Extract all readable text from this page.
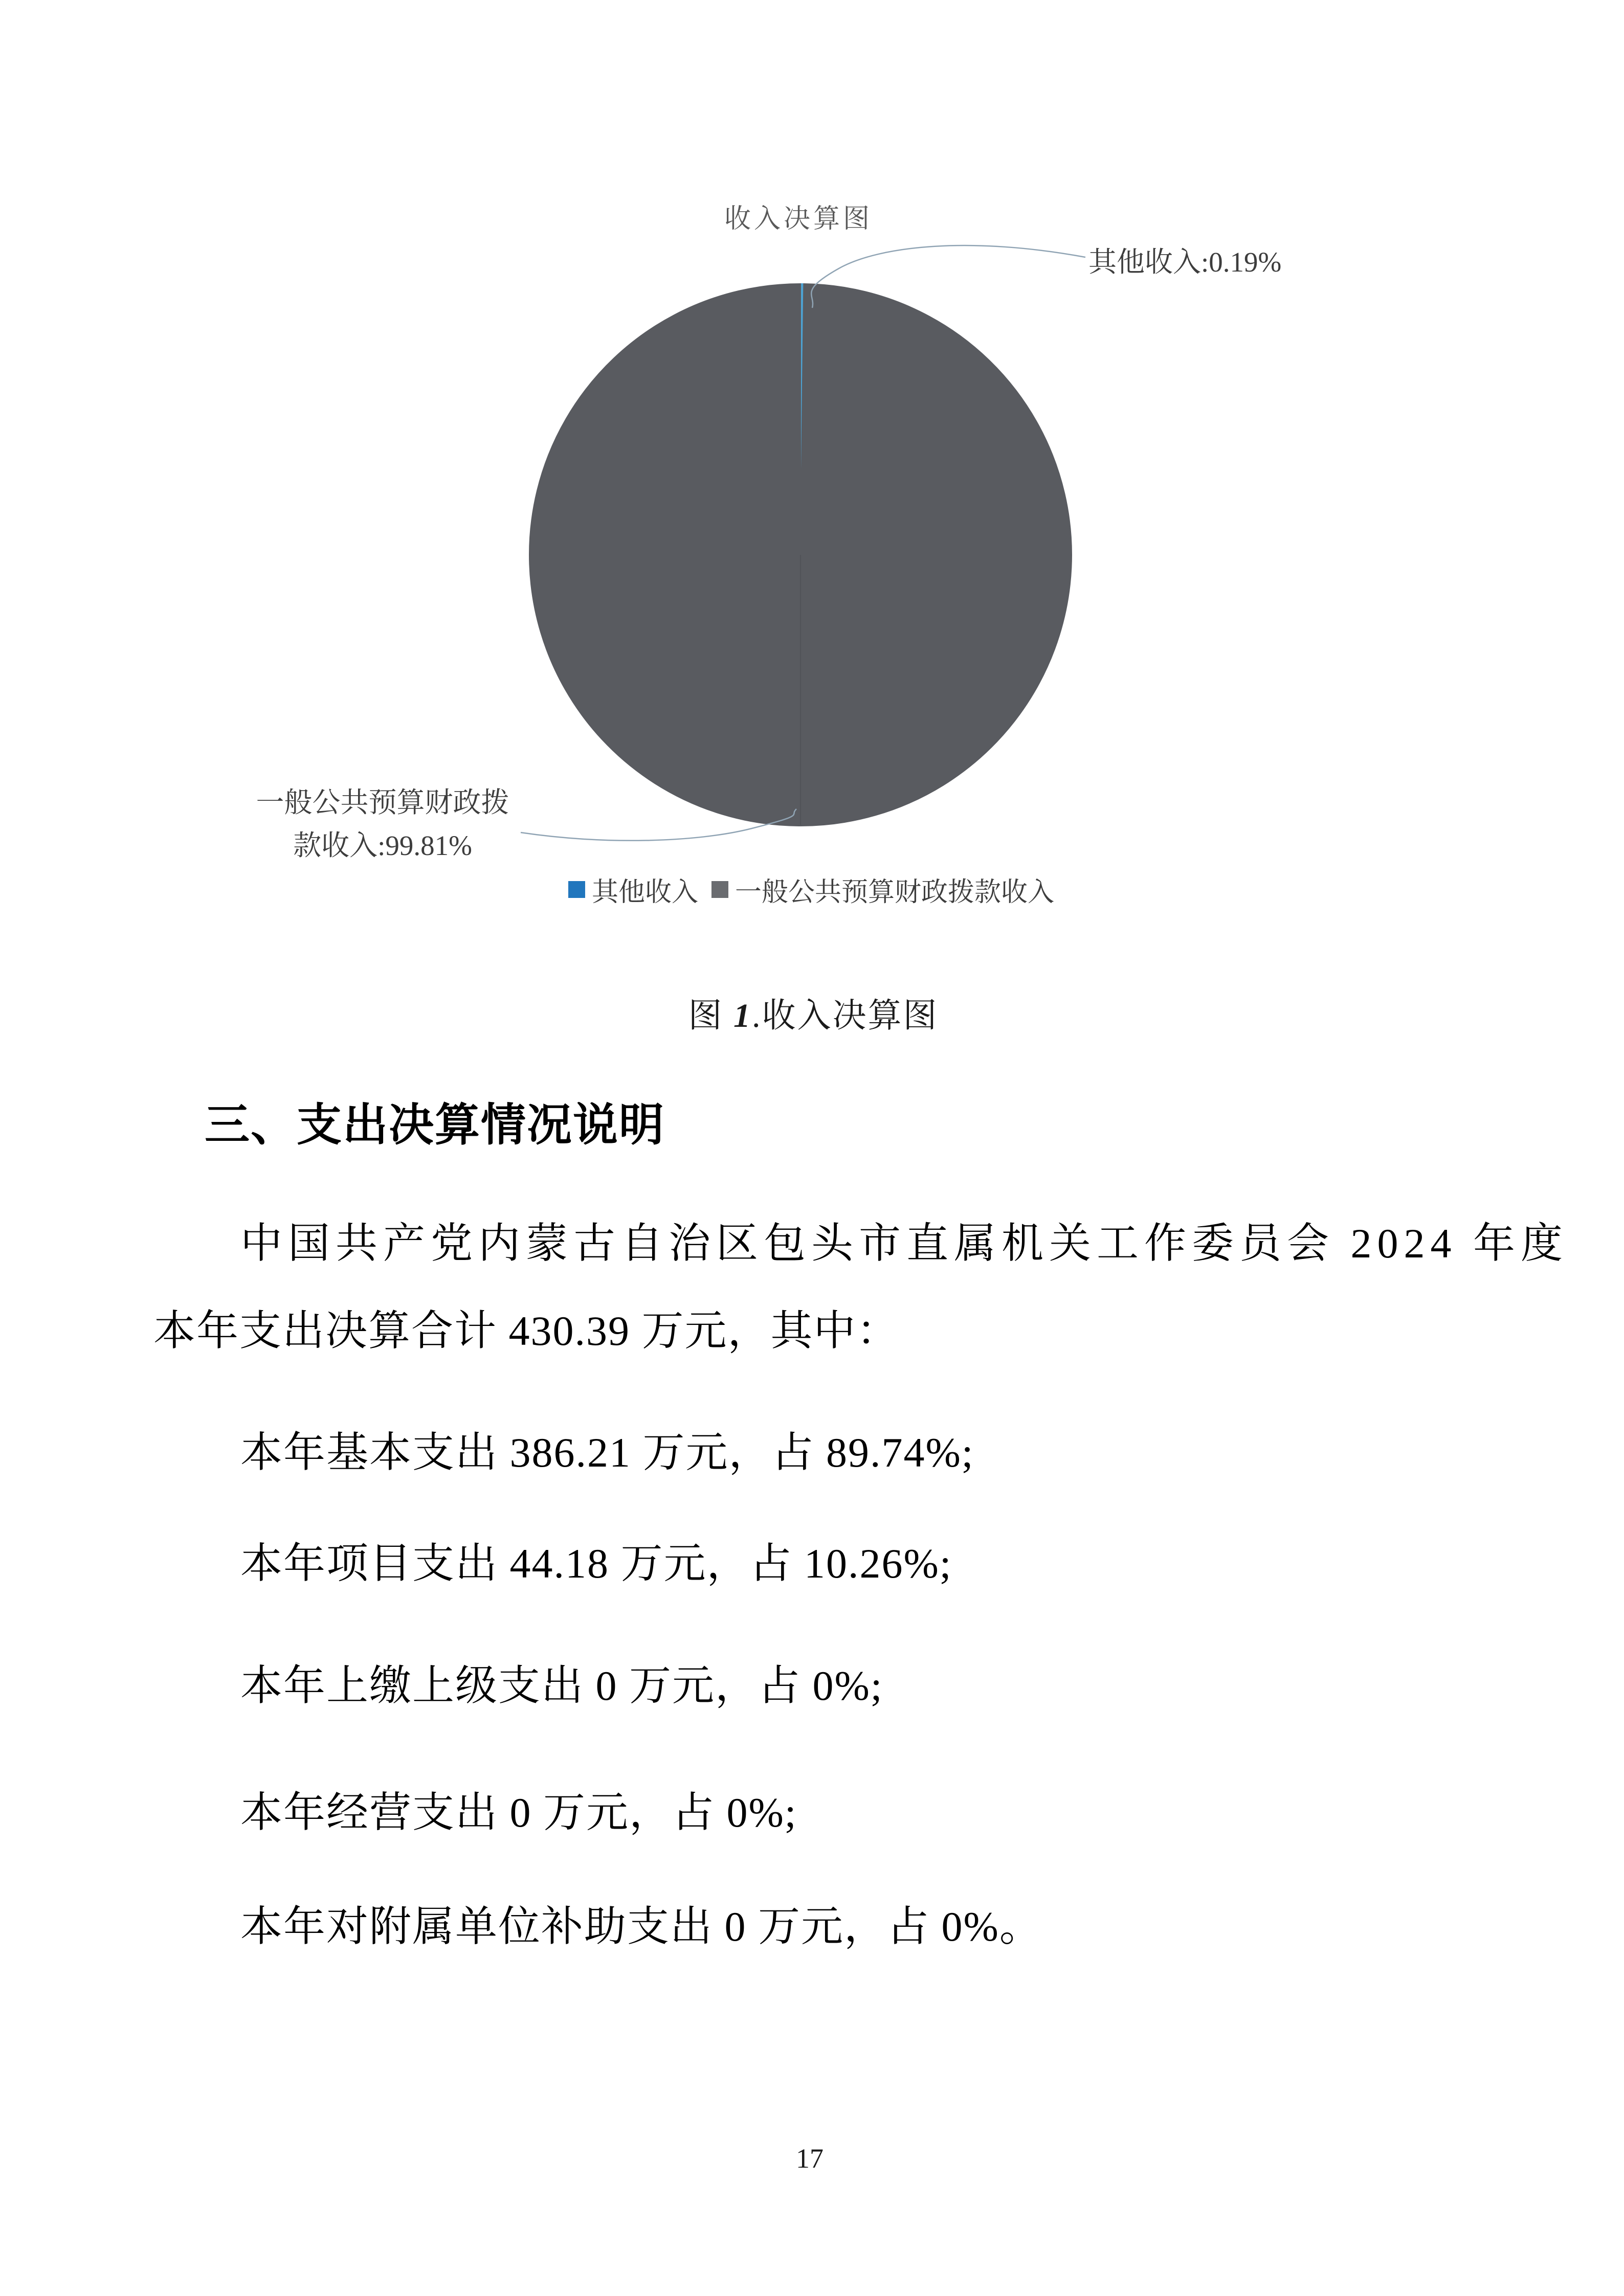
收入决算图
其他收入:0.19%
一般公共预算财政拨
款收入:99.81%
其他收入 一般公共预算财政拨款收入
图 1.收入决算图
三、支出决算情况说明
中国共产党内蒙古自治区包头市直属机关工作委员会 2024 年度
本年支出决算合计 430.39 万元，其中：
本年基本支出 386.21 万元，占 89.74%;
本年项目支出 44.18 万元，占 10.26%;
本年上缴上级支出 0 万元，占 0%;
本年经营支出 0 万元，占 0%;
本年对附属单位补助支出 0 万元，占 0%。
17
